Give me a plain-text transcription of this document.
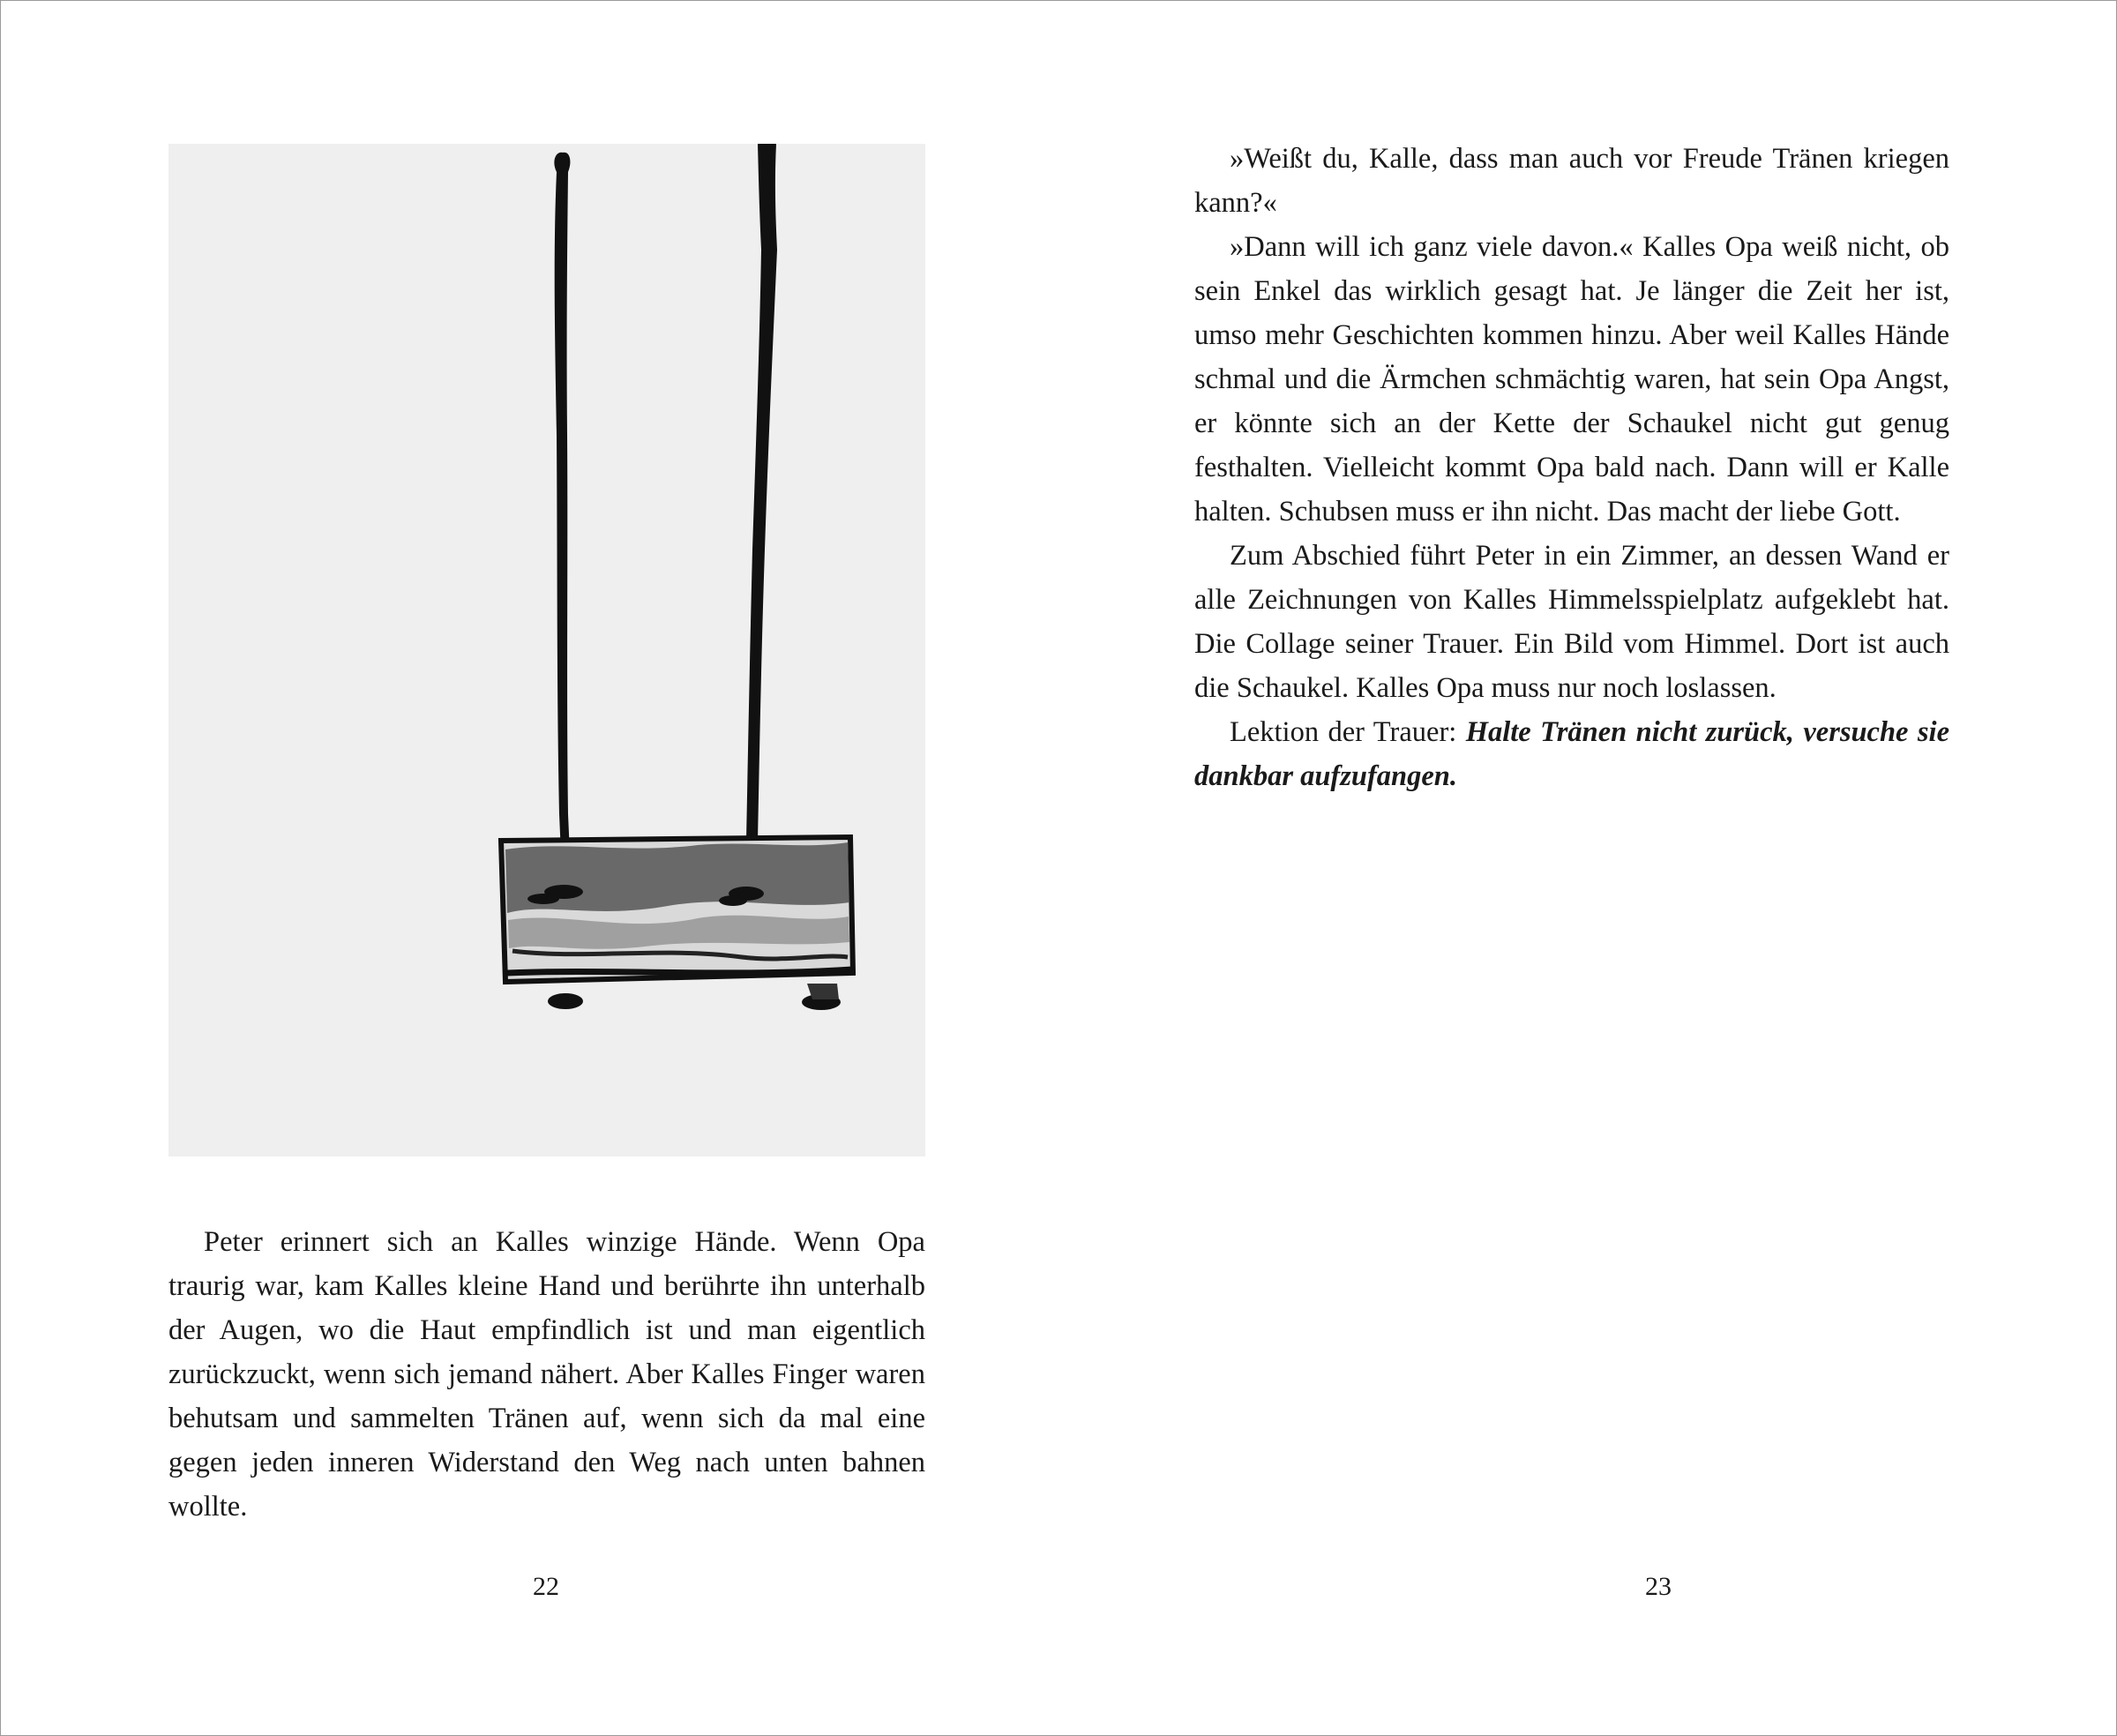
Peter erinnert sich an Kalles winzige Hände. Wenn Opa traurig war, kam Kalles kleine Hand und berührte ihn unterhalb der Augen, wo die Haut empfindlich ist und man eigentlich zurückzuckt, wenn sich jemand nähert. Aber Kalles Finger waren behutsam und sammelten Tränen auf, wenn sich da mal eine gegen jeden inneren Widerstand den Weg nach unten bahnen wollte.

22

»Weißt du, Kalle, dass man auch vor Freude Tränen kriegen kann?«

»Dann will ich ganz viele davon.« Kalles Opa weiß nicht, ob sein Enkel das wirklich gesagt hat. Je länger die Zeit her ist, umso mehr Geschichten kommen hinzu. Aber weil Kalles Hände schmal und die Ärmchen schmächtig waren, hat sein Opa Angst, er könnte sich an der Kette der Schaukel nicht gut genug festhalten. Vielleicht kommt Opa bald nach. Dann will er Kalle halten. Schubsen muss er ihn nicht. Das macht der liebe Gott.

Zum Abschied führt Peter in ein Zimmer, an dessen Wand er alle Zeichnungen von Kalles Himmelsspielplatz aufgeklebt hat. Die Collage seiner Trauer. Ein Bild vom Himmel. Dort ist auch die Schaukel. Kalles Opa muss nur noch loslassen.

Lektion der Trauer: Halte Tränen nicht zurück, versuche sie dankbar aufzufangen.

23
